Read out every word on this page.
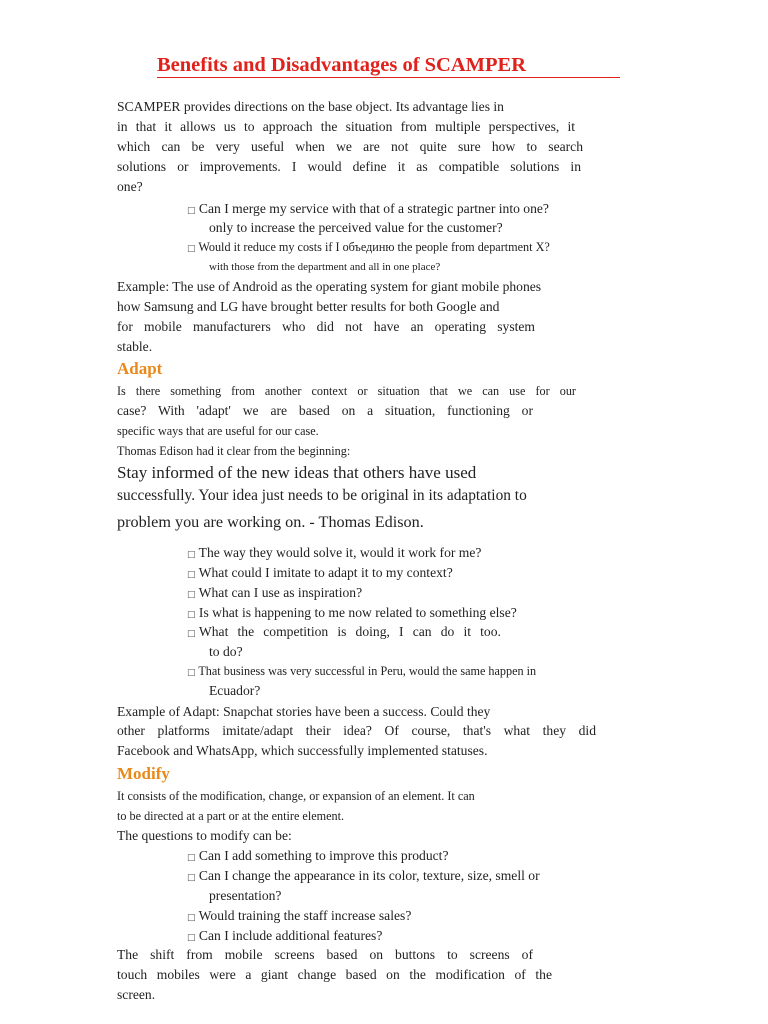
Benefits and Disadvantages of SCAMPER
SCAMPER provides directions on the base object. Its advantage lies in
in that it allows us to approach the situation from multiple perspectives, it
which can be very useful when we are not quite sure how to search
solutions or improvements. I would define it as compatible solutions in
one?
□ Can I merge my service with that of a strategic partner into one?
only to increase the perceived value for the customer?
□ Would it reduce my costs if I объединю the people from department X?
with those from the department and all in one place?
Example: The use of Android as the operating system for giant mobile phones
how Samsung and LG have brought better results for both Google and
for mobile manufacturers who did not have an operating system
stable.
Adapt
Is there something from another context or situation that we can use for our
case? With 'adapt' we are based on a situation, functioning or
specific ways that are useful for our case.
Thomas Edison had it clear from the beginning:
Stay informed of the new ideas that others have used
successfully. Your idea just needs to be original in its adaptation to
problem you are working on. - Thomas Edison.
□ The way they would solve it, would it work for me?
□ What could I imitate to adapt it to my context?
□ What can I use as inspiration?
□ Is what is happening to me now related to something else?
□ What the competition is doing, I can do it too.
to do?
□ That business was very successful in Peru, would the same happen in
Ecuador?
Example of Adapt: Snapchat stories have been a success. Could they
other platforms imitate/adapt their idea? Of course, that's what they did
Facebook and WhatsApp, which successfully implemented statuses.
Modify
It consists of the modification, change, or expansion of an element. It can
to be directed at a part or at the entire element.
The questions to modify can be:
□ Can I add something to improve this product?
□ Can I change the appearance in its color, texture, size, smell or
presentation?
□ Would training the staff increase sales?
□ Can I include additional features?
The shift from mobile screens based on buttons to screens of
touch mobiles were a giant change based on the modification of the
screen.
